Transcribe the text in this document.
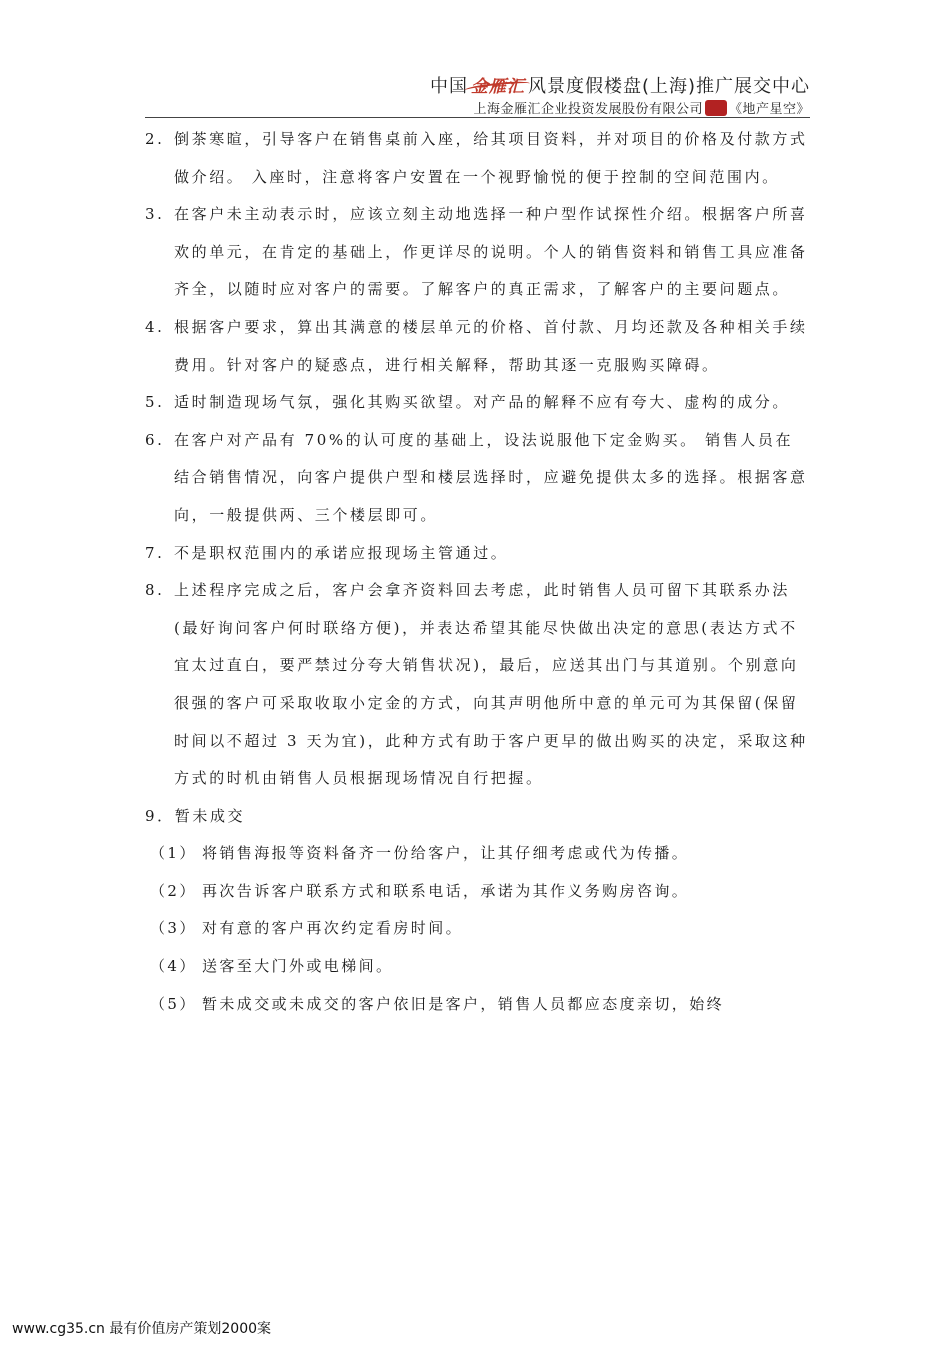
中国 金雁汇 风景度假楼盘(上海)推广展交中心
上海金雁汇企业投资发展股份有限公司 《地产星空》
2. 倒茶寒暄，引导客户在销售桌前入座，给其项目资料，并对项目的价格及付款方式做介绍。 入座时，注意将客户安置在一个视野愉悦的便于控制的空间范围内。
3. 在客户未主动表示时，应该立刻主动地选择一种户型作试探性介绍。根据客户所喜欢的单元，在肯定的基础上，作更详尽的说明。个人的销售资料和销售工具应准备齐全，以随时应对客户的需要。了解客户的真正需求，了解客户的主要问题点。
4. 根据客户要求，算出其满意的楼层单元的价格、首付款、月均还款及各种相关手续费用。针对客户的疑惑点，进行相关解释，帮助其逐一克服购买障碍。
5. 适时制造现场气氛，强化其购买欲望。对产品的解释不应有夸大、虚构的成分。
6. 在客户对产品有 70%的认可度的基础上，设法说服他下定金购买。 销售人员在结合销售情况，向客户提供户型和楼层选择时，应避免提供太多的选择。根据客意向，一般提供两、三个楼层即可。
7. 不是职权范围内的承诺应报现场主管通过。
8. 上述程序完成之后，客户会拿齐资料回去考虑，此时销售人员可留下其联系办法(最好询问客户何时联络方便)，并表达希望其能尽快做出决定的意思(表达方式不宜太过直白，要严禁过分夸大销售状况)，最后，应送其出门与其道别。个别意向很强的客户可采取收取小定金的方式，向其声明他所中意的单元可为其保留(保留时间以不超过 3 天为宜)，此种方式有助于客户更早的做出购买的决定，采取这种方式的时机由销售人员根据现场情况自行把握。
9．暂未成交
（1） 将销售海报等资料备齐一份给客户，让其仔细考虑或代为传播。
（2） 再次告诉客户联系方式和联系电话，承诺为其作义务购房咨询。
（3） 对有意的客户再次约定看房时间。
（4） 送客至大门外或电梯间。
（5） 暂未成交或未成交的客户依旧是客户，销售人员都应态度亲切，始终
www.cg35.cn 最有价值房产策划2000案
